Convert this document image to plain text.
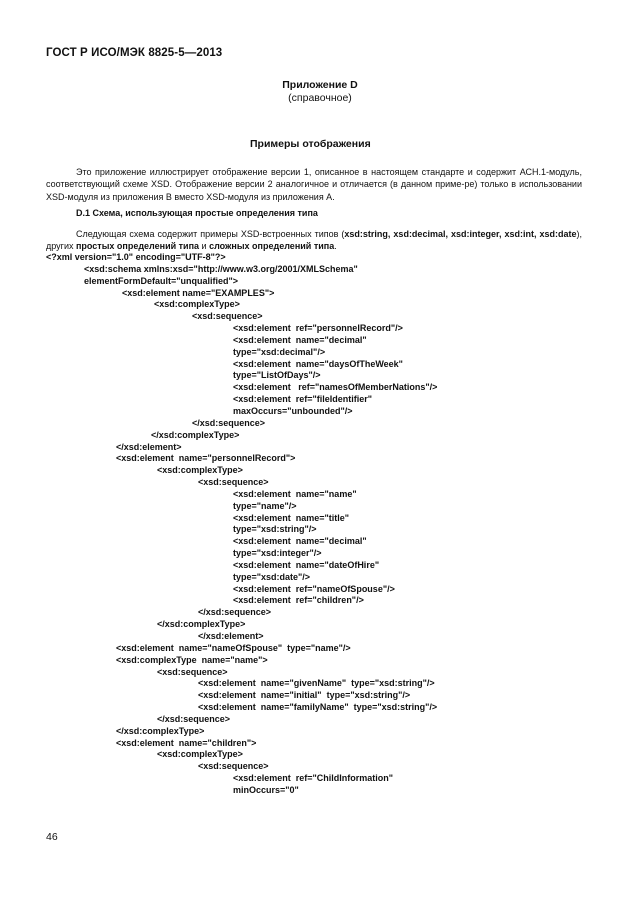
ГОСТ Р ИСО/МЭК 8825-5—2013
Приложение D
(справочное)
Примеры отображения
Это приложение иллюстрирует отображение версии 1, описанное в настоящем стандарте и содержит АСН.1-модуль, соответствующий схеме XSD. Отображение версии 2 аналогичное и отличается (в данном приме-ре) только в использовании XSD-модуля из приложения B вместо XSD-модуля из приложения А.
D.1 Схема, использующая простые определения типа
Следующая схема содержит примеры XSD-встроенных типов (xsd:string, xsd:decimal, xsd:integer, xsd:int, xsd:date), других простых определений типа и сложных определений типа.
<?xml version="1.0" encoding="UTF-8"?>
<xsd:schema xmlns:xsd="http://www.w3.org/2001/XMLSchema"
elementFormDefault="unqualified">
<xsd:element name="EXAMPLES">
<xsd:complexType>
<xsd:sequence>
<xsd:element  ref="personnelRecord"/>
<xsd:element  name="decimal"
type="xsd:decimal"/>
<xsd:element  name="daysOfTheWeek"
type="ListOfDays"/>
<xsd:element   ref="namesOfMemberNations"/>
<xsd:element  ref="fileIdentifier"
maxOccurs="unbounded"/>
</xsd:sequence>
</xsd:complexType>
</xsd:element>
<xsd:element  name="personnelRecord">
<xsd:complexType>
<xsd:sequence>
<xsd:element  name="name"
type="name"/>
<xsd:element  name="title"
type="xsd:string"/>
<xsd:element  name="decimal"
type="xsd:integer"/>
<xsd:element  name="dateOfHire"
type="xsd:date"/>
<xsd:element  ref="nameOfSpouse"/>
<xsd:element  ref="children"/>
</xsd:sequence>
</xsd:complexType>
</xsd:element>
<xsd:element  name="nameOfSpouse"  type="name"/>
<xsd:complexType  name="name">
<xsd:sequence>
<xsd:element  name="givenName"  type="xsd:string"/>
<xsd:element  name="initial"  type="xsd:string"/>
<xsd:element  name="familyName"  type="xsd:string"/>
</xsd:sequence>
</xsd:complexType>
<xsd:element  name="children">
<xsd:complexType>
<xsd:sequence>
<xsd:element  ref="ChildInformation"
minOccurs="0"
46
